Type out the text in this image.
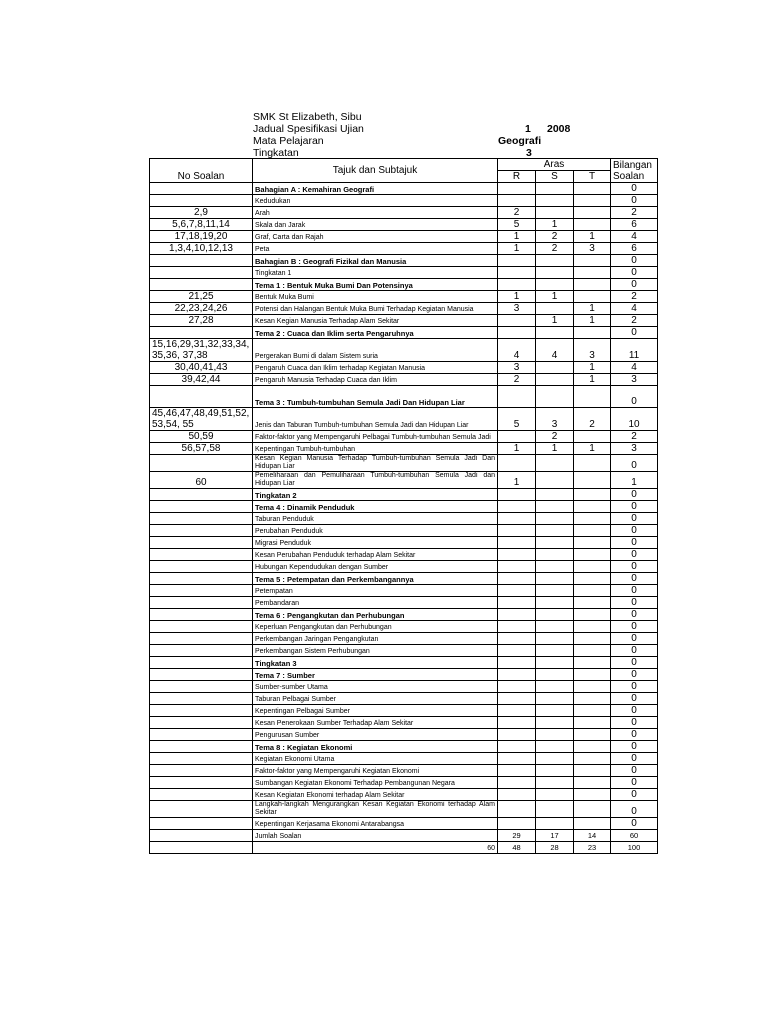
SMK St Elizabeth, Sibu
Jadual Spesifikasi Ujian
Mata Pelajaran
Tingkatan
1 2008
Geografi
3
No Soalan	Tajuk dan Subtajuk	Aras			Bilangan Soalan
		R	S	T	
	Bahagian A : Kemahiran Geografi				0
	Kedudukan				0
2,9	Arah	2			2
5,6,7,8,11,14	Skala dan Jarak	5	1		6
17,18,19,20	Graf, Carta dan Rajah	1	2	1	4
1,3,4,10,12,13	Peta	1	2	3	6
	Bahagian B : Geografi Fizikal dan Manusia				0
	Tingkatan 1				0
	Tema 1 : Bentuk Muka Bumi Dan Potensinya				0
21,25	Bentuk Muka Bumi	1	1		2
22,23,24,26	Potensi dan Halangan Bentuk Muka Bumi Terhadap Kegiatan Manusia	3		1	4
27,28	Kesan Kegian Manusia Terhadap Alam Sekitar		1	1	2
	Tema 2 : Cuaca dan Iklim serta Pengaruhnya				0
15,16,29,31,32,33,34,35,36, 37,38	Pergerakan Bumi di dalam Sistem suria	4	4	3	11
30,40,41,43	Pengaruh Cuaca dan Iklim terhadap Kegiatan Manusia	3		1	4
39,42,44	Pengaruh Manusia Terhadap Cuaca dan Iklim	2		1	3
	Tema 3 : Tumbuh-tumbuhan Semula Jadi Dan Hidupan Liar				0
45,46,47,48,49,51,52,53,54, 55	Jenis dan Taburan Tumbuh-tumbuhan Semula Jadi dan Hidupan Liar	5	3	2	10
50,59	Faktor-faktor yang Mempengaruhi Pelbagai Tumbuh-tumbuhan Semula Jadi		2		2
56,57,58	Kepentingan Tumbuh-tumbuhan	1	1	1	3
	Kesan Kegian Manusia Terhadap Tumbuh-tumbuhan Semula Jadi Dan Hidupan Liar				0
60	Pemeliharaan dan Pemuliharaan Tumbuh-tumbuhan Semula Jadi dan Hidupan Liar	1			1
	Tingkatan 2				0
	Tema 4 : Dinamik Penduduk				0
	Taburan Penduduk				0
	Perubahan Penduduk				0
	Migrasi Penduduk				0
	Kesan Perubahan Penduduk terhadap Alam Sekitar				0
	Hubungan Kependudukan dengan Sumber				0
	Tema 5 : Petempatan dan Perkembangannya				0
	Petempatan				0
	Pembandaran				0
	Tema 6 : Pengangkutan dan Perhubungan				0
	Keperluan Pengangkutan dan Perhubungan				0
	Perkembangan Jaringan Pengangkutan				0
	Perkembangan Sistem Perhubungan				0
	Tingkatan 3				0
	Tema 7 : Sumber				0
	Sumber-sumber Utama				0
	Taburan Pelbagai Sumber				0
	Kepentingan Pelbagai Sumber				0
	Kesan Penerokaan Sumber Terhadap Alam Sekitar				0
	Pengurusan Sumber				0
	Tema 8 : Kegiatan Ekonomi				0
	Kegiatan Ekonomi Utama				0
	Faktor-faktor yang Mempengaruhi Kegiatan Ekonomi				0
	Sumbangan Kegiatan Ekonomi Terhadap Pembangunan Negara				0
	Kesan Kegiatan Ekonomi terhadap Alam Sekitar				0
	Langkah-langkah Mengurangkan Kesan Kegiatan Ekonomi terhadap Alam Sekitar				0
	Kepentingan Kerjasama Ekonomi Antarabangsa				0
	Jumlah Soalan	29	17	14	60
	60	48	28	23	100
